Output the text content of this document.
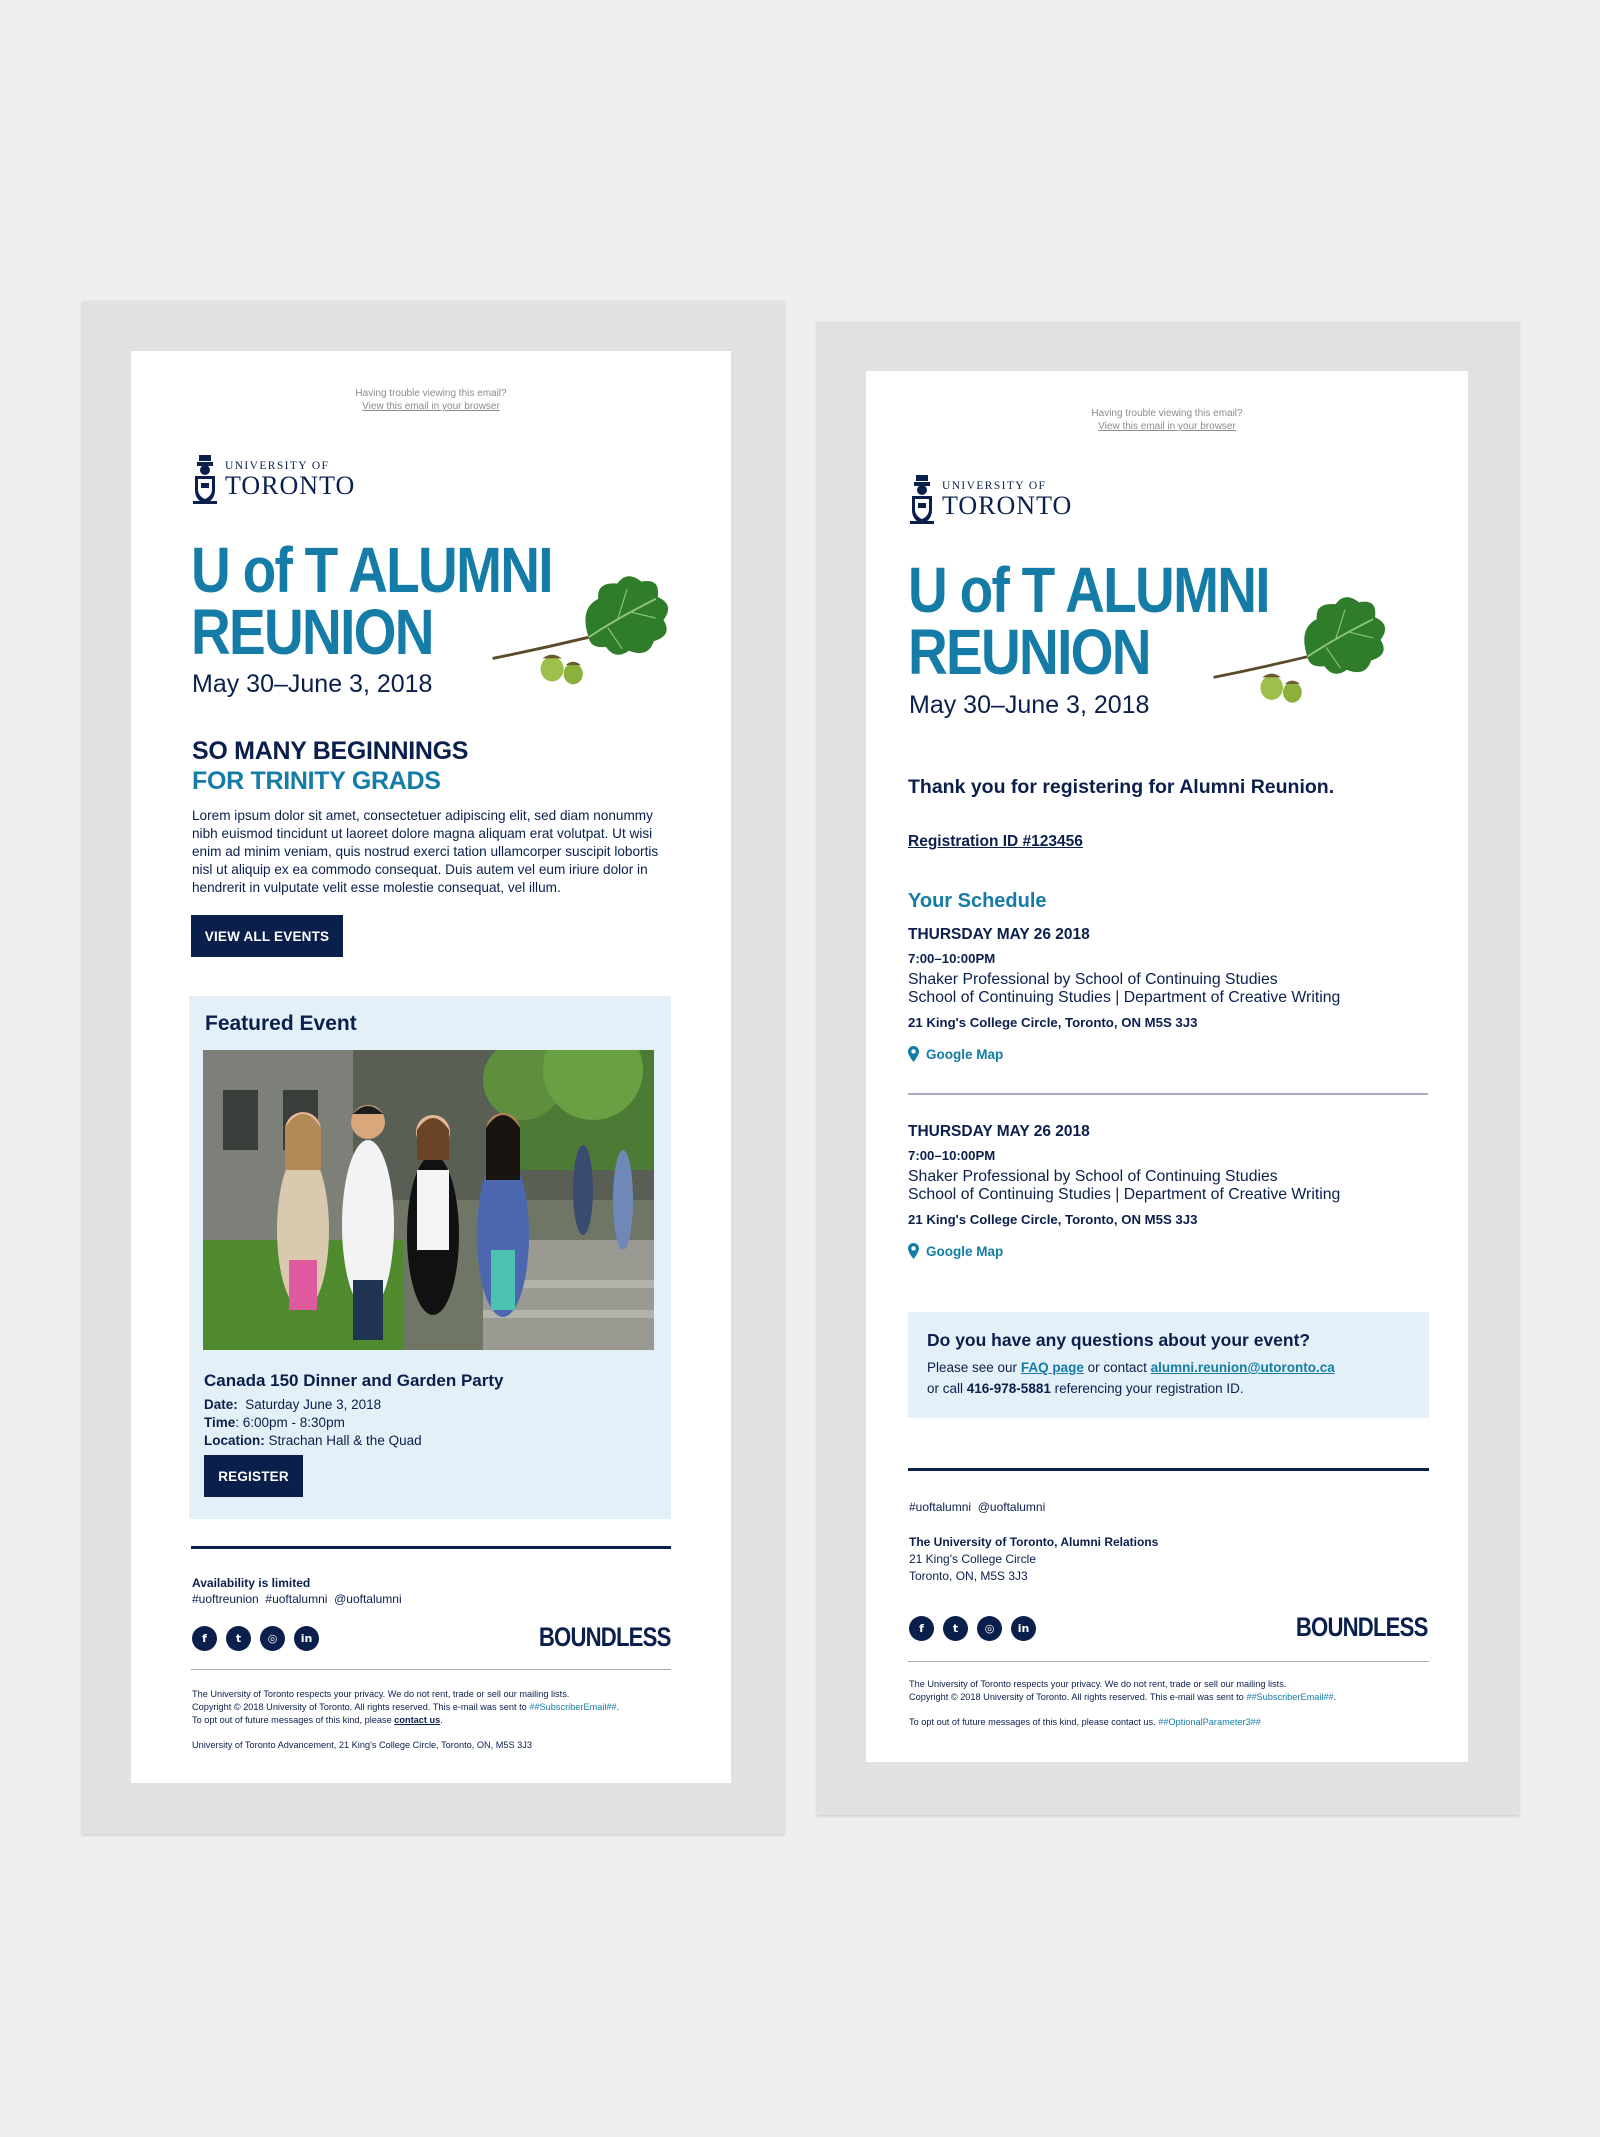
Having trouble viewing this email?
View this email in your browser
UNIVERSITY OF
TORONTO
U of T ALUMNI
REUNION
May 30–June 3, 2018
SO MANY BEGINNINGS
FOR TRINITY GRADS
Lorem ipsum dolor sit amet, consectetuer adipiscing elit, sed diam nonummy nibh euismod tincidunt ut laoreet dolore magna aliquam erat volutpat. Ut wisi enim ad minim veniam, quis nostrud exerci tation ullamcorper suscipit lobortis nisl ut aliquip ex ea commodo consequat. Duis autem vel eum iriure dolor in hendrerit in vulputate velit esse molestie consequat, vel illum.
VIEW ALL EVENTS
Featured Event
Canada 150 Dinner and Garden Party
Date: Saturday June 3, 2018
Time: 6:00pm - 8:30pm
Location: Strachan Hall & the Quad
REGISTER
Availability is limited
#uoftreunion  #uoftalumni  @uoftalumni
f	t	◎	in	BOUNDLESS
The University of Toronto respects your privacy. We do not rent, trade or sell our mailing lists.
Copyright © 2018 University of Toronto. All rights reserved. This e-mail was sent to ##SubscriberEmail##.
To opt out of future messages of this kind, please contact us.
University of Toronto Advancement, 21 King's College Circle, Toronto, ON, M5S 3J3
Having trouble viewing this email?
View this email in your browser
UNIVERSITY OF
TORONTO
U of T ALUMNI
REUNION
May 30–June 3, 2018
Thank you for registering for Alumni Reunion.
Registration ID #123456
Your Schedule
THURSDAY MAY 26 2018
7:00–10:00PM
Shaker Professional by School of Continuing Studies
School of Continuing Studies | Department of Creative Writing
21 King's College Circle, Toronto, ON M5S 3J3
Google Map
THURSDAY MAY 26 2018
7:00–10:00PM
Shaker Professional by School of Continuing Studies
School of Continuing Studies | Department of Creative Writing
21 King's College Circle, Toronto, ON M5S 3J3
Google Map
Do you have any questions about your event?
Please see our FAQ page or contact alumni.reunion@utoronto.ca
or call 416-978-5881 referencing your registration ID.
#uoftalumni  @uoftalumni
The University of Toronto, Alumni Relations
21 King's College Circle
Toronto, ON, M5S 3J3
f	t	◎	in	BOUNDLESS
The University of Toronto respects your privacy. We do not rent, trade or sell our mailing lists.
Copyright © 2018 University of Toronto. All rights reserved. This e-mail was sent to ##SubscriberEmail##.
To opt out of future messages of this kind, please contact us. ##OptionalParameter3##
